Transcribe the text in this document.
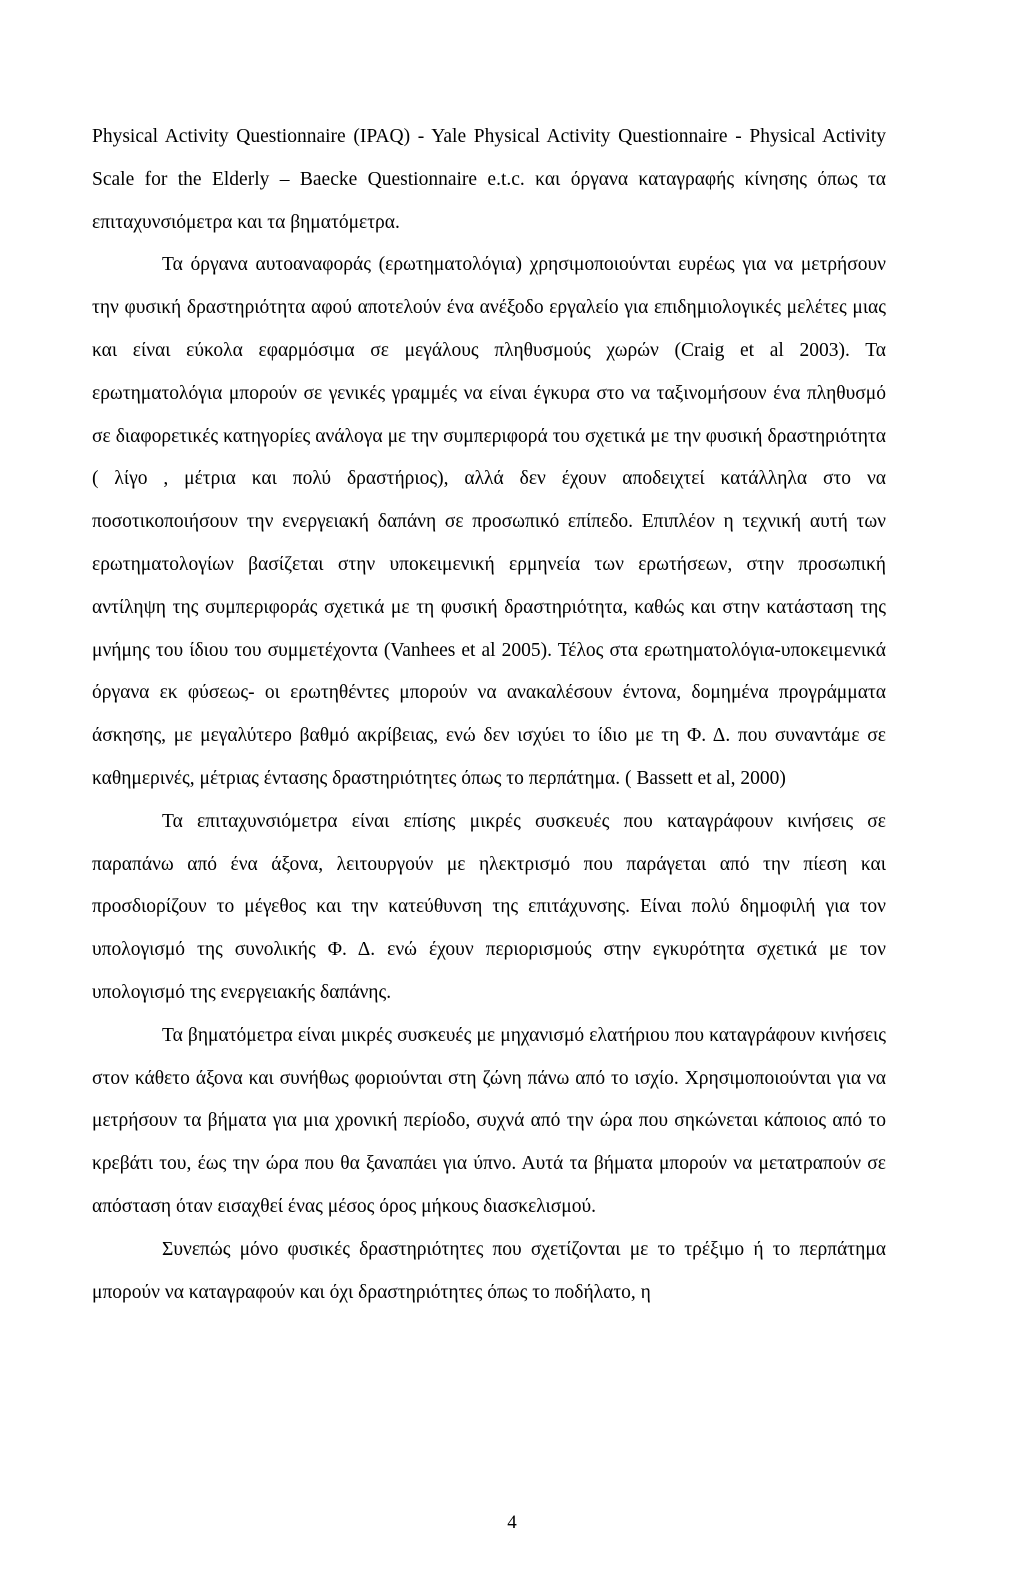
Physical Activity Questionnaire (IPAQ) - Yale Physical Activity Questionnaire - Physical Activity Scale for the Elderly – Baecke Questionnaire e.t.c. και όργανα καταγραφής κίνησης όπως τα επιταχυνσιόμετρα και τα βηματόμετρα.

Τα όργανα αυτοαναφοράς (ερωτηματολόγια) χρησιμοποιούνται ευρέως για να μετρήσουν την φυσική δραστηριότητα αφού αποτελούν ένα ανέξοδο εργαλείο για επιδημιολογικές μελέτες μιας και είναι εύκολα εφαρμόσιμα σε μεγάλους πληθυσμούς χωρών (Craig et al 2003). Τα ερωτηματολόγια μπορούν σε γενικές γραμμές να είναι έγκυρα στο να ταξινομήσουν ένα πληθυσμό σε διαφορετικές κατηγορίες ανάλογα με την συμπεριφορά του σχετικά με την φυσική δραστηριότητα ( λίγο , μέτρια και πολύ δραστήριος), αλλά δεν έχουν αποδειχτεί κατάλληλα στο να ποσοτικοποιήσουν την ενεργειακή δαπάνη σε προσωπικό επίπεδο. Επιπλέον η τεχνική αυτή των ερωτηματολογίων βασίζεται στην υποκειμενική ερμηνεία των ερωτήσεων, στην προσωπική αντίληψη της συμπεριφοράς σχετικά με τη φυσική δραστηριότητα, καθώς και στην κατάσταση της μνήμης του ίδιου του συμμετέχοντα (Vanhees et al 2005). Τέλος στα ερωτηματολόγια-υποκειμενικά όργανα εκ φύσεως- οι ερωτηθέντες μπορούν να ανακαλέσουν έντονα, δομημένα προγράμματα άσκησης, με μεγαλύτερο βαθμό ακρίβειας, ενώ δεν ισχύει το ίδιο με τη Φ. Δ. που συναντάμε σε καθημερινές, μέτριας έντασης δραστηριότητες όπως το περπάτημα. ( Bassett et al, 2000)

Τα επιταχυνσιόμετρα είναι επίσης μικρές συσκευές που καταγράφουν κινήσεις σε παραπάνω από ένα άξονα, λειτουργούν με ηλεκτρισμό που παράγεται από την πίεση και προσδιορίζουν το μέγεθος και την κατεύθυνση της επιτάχυνσης. Είναι πολύ δημοφιλή για τον υπολογισμό της συνολικής Φ. Δ. ενώ έχουν περιορισμούς στην εγκυρότητα σχετικά με τον υπολογισμό της ενεργειακής δαπάνης.

Τα βηματόμετρα είναι μικρές συσκευές με μηχανισμό ελατήριου που καταγράφουν κινήσεις στον κάθετο άξονα και συνήθως φοριούνται στη ζώνη πάνω από το ισχίο. Χρησιμοποιούνται για να μετρήσουν τα βήματα για μια χρονική περίοδο, συχνά από την ώρα που σηκώνεται κάποιος από το κρεβάτι του, έως την ώρα που θα ξαναπάει για ύπνο. Αυτά τα βήματα μπορούν να μετατραπούν σε απόσταση όταν εισαχθεί ένας μέσος όρος μήκους διασκελισμού.

Συνεπώς μόνο φυσικές δραστηριότητες που σχετίζονται με το τρέξιμο ή το περπάτημα μπορούν να καταγραφούν και όχι δραστηριότητες όπως το ποδήλατο, η

4
